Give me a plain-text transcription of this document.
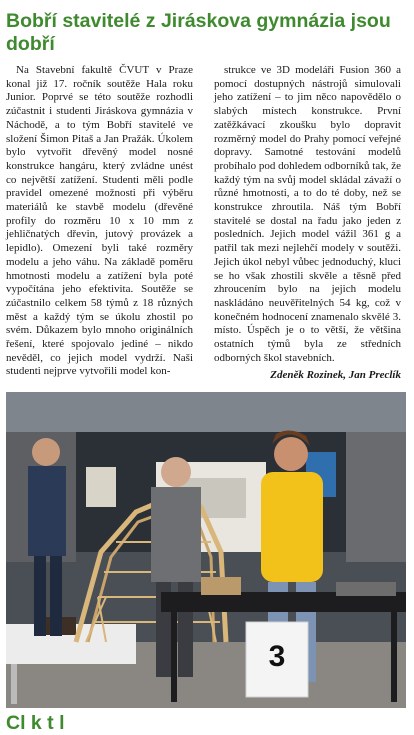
Bobří stavitelé z Jiráskova gymnázia jsou dobří

Na Stavební fakultě ČVUT v Praze konal již 17. ročník soutěže Hala roku Junior. Poprvé se této soutěže rozhodli zúčastnit i studenti Jiráskova gymnázia v Náchodě, a to tým Bobří stavitelé ve složení Šimon Pitaš a Jan Pražák. Úkolem bylo vytvořit dřevěný model nosné konstrukce hangáru, který zvládne unést co největší zatížení. Studenti měli podle pravidel omezené možnosti při výběru materiálů ke stavbě modelu (dřevěné profily do rozměru 10 x 10 mm z jehličnatých dřevin, jutový provázek a lepidlo). Omezení byli také rozměry modelu a jeho váhu. Na základě poměru hmotnosti modelu a zatížení byla poté vypočítána jeho efektivita. Soutěže se zúčastnilo celkem 58 týmů z 18 různých měst a každý tým se úkolu zhostil po svém. Důkazem bylo mnoho originálních řešení, které spojovalo jediné – nikdo nevěděl, co jejich model vydrží. Naši studenti nejprve vytvořili model kon-

strukce ve 3D modeláři Fusion 360 a pomocí dostupných nástrojů simulovali jeho zatížení – to jim něco napovědělo o slabých místech konstrukce. První zatěžkávací zkoušku bylo dopravit rozměrný model do Prahy pomocí veřejné dopravy. Samotné testování modelů probíhalo pod dohledem odborníků tak, že každý tým na svůj model skládal závaží o různé hmotnosti, a to do té doby, než se konstrukce zhroutila. Náš tým Bobří stavitelé se dostal na řadu jako jeden z posledních. Jejich model vážil 361 g a patřil tak mezi nejlehčí modely v soutěži. Jejich úkol nebyl vůbec jednoduchý, kluci se ho však zhostili skvěle a těsně před zhroucením bylo na jejich modelu naskládáno neuvěřitelných 54 kg, což v konečném hodnocení znamenalo skvělé 3. místo. Úspěch je o to větší, že většina ostatních týmů byla ze středních odborných škol stavebních.

Zdeněk Rozinek, Jan Preclík
3
Cl k t l
